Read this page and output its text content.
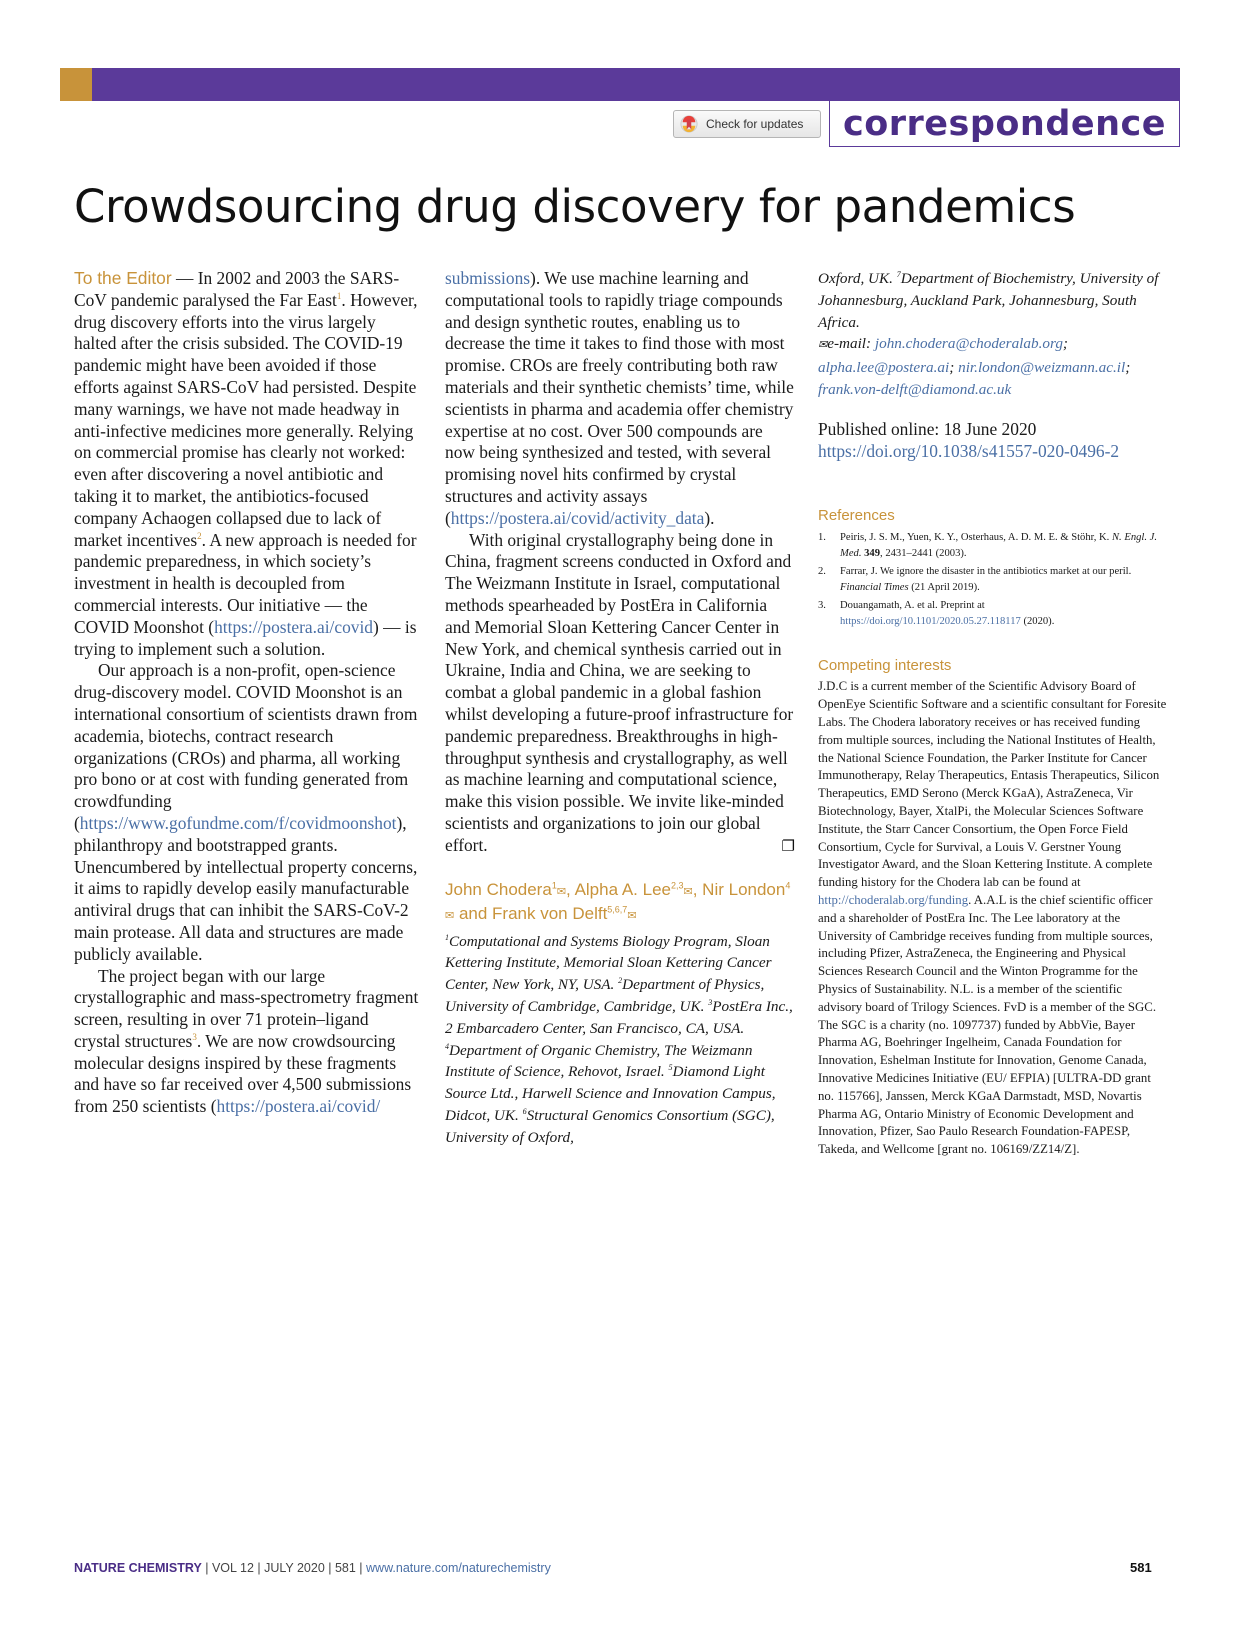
Check for updates	correspondence
Crowdsourcing drug discovery for pandemics

To the Editor — In 2002 and 2003 the SARS-CoV pandemic paralysed the Far East$^1$. However, drug discovery efforts into the virus largely halted after the crisis subsided. The COVID-19 pandemic might have been avoided if those efforts against SARS-CoV had persisted. Despite many warnings, we have not made headway in anti-infective medicines more generally. Relying on commercial promise has clearly not worked: even after discovering a novel antibiotic and taking it to market, the antibiotics-focused company Achaogen collapsed due to lack of market incentives$^2$. A new approach is needed for pandemic preparedness, in which society’s investment in health is decoupled from commercial interests. Our initiative — the COVID Moonshot (https://postera.ai/covid) — is trying to implement such a solution.

Our approach is a non-profit, open-science drug-discovery model. COVID Moonshot is an international consortium of scientists drawn from academia, biotechs, contract research organizations (CROs) and pharma, all working pro bono or at cost with funding generated from crowdfunding (https://www.gofundme.com/f/covidmoonshot), philanthropy and bootstrapped grants. Unencumbered by intellectual property concerns, it aims to rapidly develop easily manufacturable antiviral drugs that can inhibit the SARS-CoV-2 main protease. All data and structures are made publicly available.

The project began with our large crystallographic and mass-spectrometry fragment screen, resulting in over 71 protein–ligand crystal structures$^3$. We are now crowdsourcing molecular designs inspired by these fragments and have so far received over 4,500 submissions from 250 scientists (https://postera.ai/covid/

submissions). We use machine learning and computational tools to rapidly triage compounds and design synthetic routes, enabling us to decrease the time it takes to find those with most promise. CROs are freely contributing both raw materials and their synthetic chemists’ time, while scientists in pharma and academia offer chemistry expertise at no cost. Over 500 compounds are now being synthesized and tested, with several promising novel hits confirmed by crystal structures and activity assays (https://postera.ai/covid/activity_data).

With original crystallography being done in China, fragment screens conducted in Oxford and The Weizmann Institute in Israel, computational methods spearheaded by PostEra in California and Memorial Sloan Kettering Cancer Center in New York, and chemical synthesis carried out in Ukraine, India and China, we are seeking to combat a global pandemic in a global fashion whilst developing a future-proof infrastructure for pandemic preparedness. Breakthroughs in high-throughput synthesis and crystallography, as well as machine learning and computational science, make this vision possible. We invite like-minded scientists and organizations to join our global effort.	❐

John Chodera$^1$✉, Alpha A. Lee$^{2,3}$✉, Nir London$^4$✉ and Frank von Delft$^{5,6,7}$✉

$^1$Computational and Systems Biology Program, Sloan Kettering Institute, Memorial Sloan Kettering Cancer Center, New York, NY, USA. $^2$Department of Physics, University of Cambridge, Cambridge, UK. $^3$PostEra Inc., 2 Embarcadero Center, San Francisco, CA, USA. $^4$Department of Organic Chemistry, The Weizmann Institute of Science, Rehovot, Israel. $^5$Diamond Light Source Ltd., Harwell Science and Innovation Campus, Didcot, UK. $^6$Structural Genomics Consortium (SGC), University of Oxford,

Oxford, UK. $^7$Department of Biochemistry, University of Johannesburg, Auckland Park, Johannesburg, South Africa.

✉e-mail: john.chodera@choderalab.org; alpha.lee@postera.ai; nir.london@weizmann.ac.il; frank.von-delft@diamond.ac.uk

Published online: 18 June 2020
https://doi.org/10.1038/s41557-020-0496-2

References

1.	Peiris, J. S. M., Yuen, K. Y., Osterhaus, A. D. M. E. & Stöhr, K. N. Engl. J. Med. 349, 2431–2441 (2003).
2.	Farrar, J. We ignore the disaster in the antibiotics market at our peril. Financial Times (21 April 2019).
3.	Douangamath, A. et al. Preprint at https://doi.org/10.1101/2020.05.27.118117 (2020).

Competing interests

J.D.C is a current member of the Scientific Advisory Board of OpenEye Scientific Software and a scientific consultant for Foresite Labs. The Chodera laboratory receives or has received funding from multiple sources, including the National Institutes of Health, the National Science Foundation, the Parker Institute for Cancer Immunotherapy, Relay Therapeutics, Entasis Therapeutics, Silicon Therapeutics, EMD Serono (Merck KGaA), AstraZeneca, Vir Biotechnology, Bayer, XtalPi, the Molecular Sciences Software Institute, the Starr Cancer Consortium, the Open Force Field Consortium, Cycle for Survival, a Louis V. Gerstner Young Investigator Award, and the Sloan Kettering Institute. A complete funding history for the Chodera lab can be found at http://choderalab.org/funding. A.A.L is the chief scientific officer and a shareholder of PostEra Inc. The Lee laboratory at the University of Cambridge receives funding from multiple sources, including Pfizer, AstraZeneca, the Engineering and Physical Sciences Research Council and the Winton Programme for the Physics of Sustainability. N.L. is a member of the scientific advisory board of Trilogy Sciences. FvD is a member of the SGC. The SGC is a charity (no. 1097737) funded by AbbVie, Bayer Pharma AG, Boehringer Ingelheim, Canada Foundation for Innovation, Eshelman Institute for Innovation, Genome Canada, Innovative Medicines Initiative (EU/ EFPIA) [ULTRA-DD grant no. 115766], Janssen, Merck KGaA Darmstadt, MSD, Novartis Pharma AG, Ontario Ministry of Economic Development and Innovation, Pfizer, Sao Paulo Research Foundation-FAPESP, Takeda, and Wellcome [grant no. 106169/ZZ14/Z].

NATURE CHEMISTRY | VOL 12 | JULY 2020 | 581 | www.nature.com/naturechemistry	581
